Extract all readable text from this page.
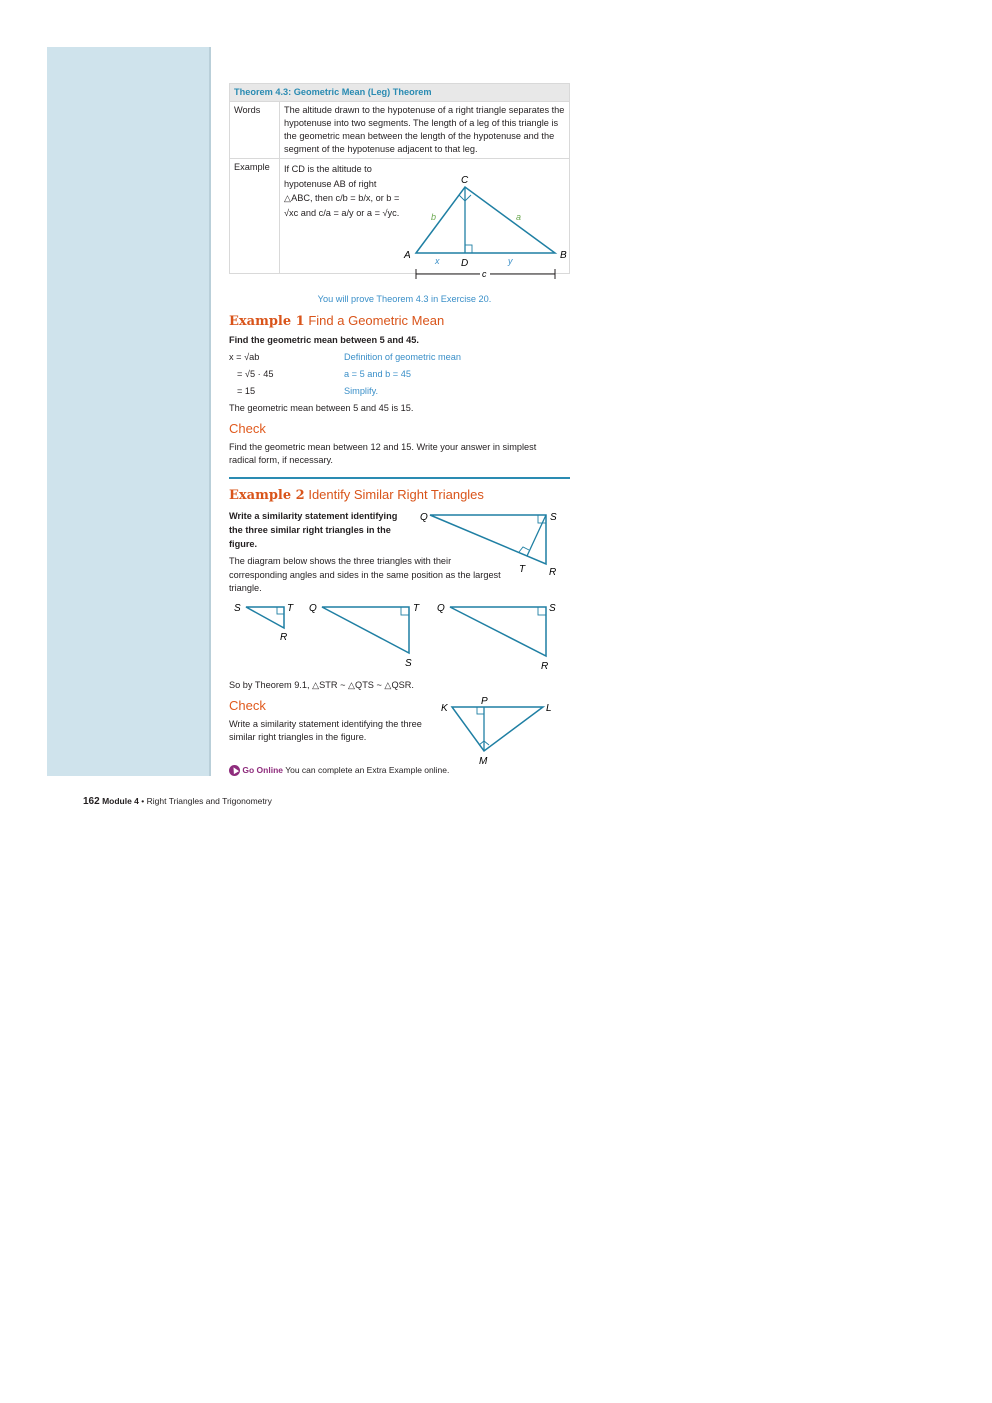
Theorem 4.3: Geometric Mean (Leg) Theorem	
Words	The altitude drawn to the hypotenuse of a right triangle separates the hypotenuse into two segments. The length of a leg of this triangle is the geometric mean between the length of the hypotenuse and the segment of the hypotenuse adjacent to that leg.
Example	If CD is the altitude to
hypotenuse AB of right
△ABC, then c/b = b/x, or b =
√xc and c/a = a/y or a = √yc.
C
A	B
D
a
b
x	y
c
You will prove Theorem 4.3 in Exercise 20.
Example 1 Find a Geometric Mean
Find the geometric mean between 5 and 45.
x = √ab	Definition of geometric mean
= √5 · 45	a = 5 and b = 45
= 15	Simplify.
The geometric mean between 5 and 45 is 15.
Check
Find the geometric mean between 12 and 15. Write your answer in simplest radical form, if necessary.
Example 2 Identify Similar Right Triangles
Write a similarity statement identifying the three similar right triangles in the figure.
The diagram below shows the three triangles with their corresponding angles and sides in the same position as the largest triangle.
Q	S
T R
S	T
R
Q	T
S
Q	S
R
So by Theorem 9.1, △STR ~ △QTS ~ △QSR.
Check
Write a similarity statement identifying the three similar right triangles in the figure.
K	L
P
M
Go Online You can complete an Extra Example online.
162 Module 4 • Right Triangles and Trigonometry
